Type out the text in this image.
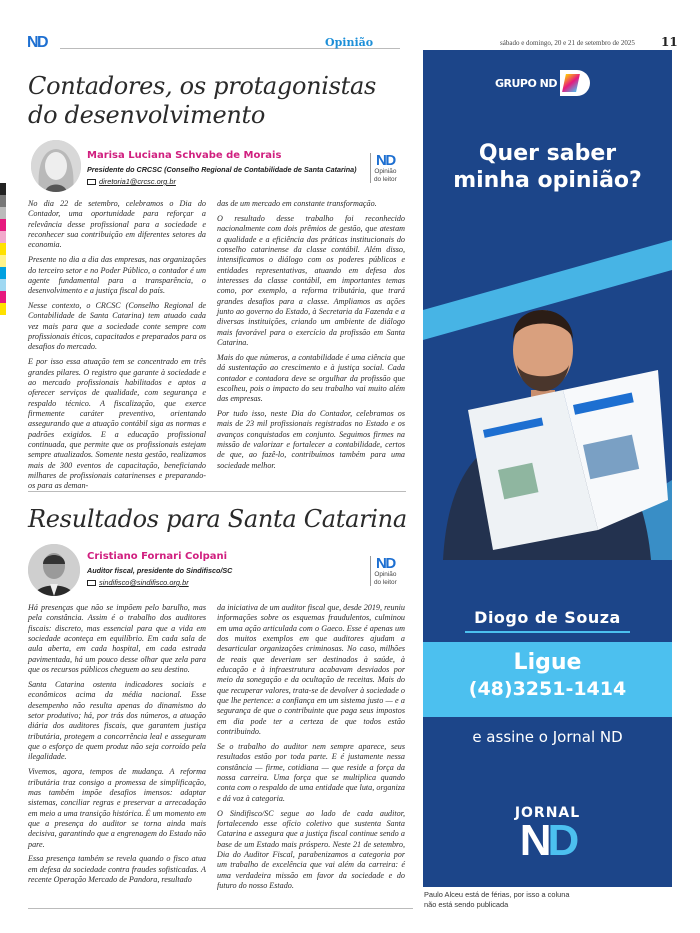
ND	Opinião	sábado e domingo, 20 e 21 de setembro de 2025 11
Contadores, os protagonistas
do desenvolvimento
Marisa Luciana Schvabe de Morais
Presidente do CRCSC (Conselho Regional de Contabilidade de Santa Catarina)
diretoria1@crcsc.org.br
ND
Opinião
do leitor

No dia 22 de setembro, celebramos o Dia do Contador, uma oportunidade para reforçar a relevância desse profissional para a sociedade e reconhecer sua contribuição em diferentes setores da economia.

Presente no dia a dia das empresas, nas organizações do terceiro setor e no Poder Público, o contador é um agente fundamental para a transparência, o desenvolvimento e a justiça fiscal do país.

Nesse contexto, o CRCSC (Conselho Regional de Contabilidade de Santa Catarina) tem atuado cada vez mais para que a sociedade conte sempre com profissionais éticos, capacitados e preparados para os desafios do mercado.

E por isso essa atuação tem se concentrado em três grandes pilares. O registro que garante à sociedade e ao mercado profissionais habilitados e aptos a oferecer serviços de qualidade, com segurança e respaldo técnico. A fiscalização, que exerce firmemente caráter preventivo, orientando assegurando que a atuação contábil siga as normas e padrões exigidos. E a educação profissional continuada, que permite que os profissionais estejam sempre atualizados. Somente nesta gestão, realizamos mais de 300 eventos de capacitação, beneficiando milhares de profissionais catarinenses e preparando-os para as deman-

das de um mercado em constante transformação.

O resultado desse trabalho foi reconhecido nacionalmente com dois prêmios de gestão, que atestam a qualidade e a eficiência das práticas institucionais do conselho catarinense da classe contábil. Além disso, intensificamos o diálogo com os poderes públicos e entidades representativas, atuando em defesa dos interesses da classe contábil, em importantes temas como, por exemplo, a reforma tributária, que trará grandes desafios para a classe. Ampliamos as ações junto ao governo do Estado, à Secretaria da Fazenda e a diversas instituições, criando um ambiente de diálogo mais favorável para o exercício da profissão em Santa Catarina.

Mais do que números, a contabilidade é uma ciência que dá sustentação ao crescimento e à justiça social. Cada contador e contadora deve se orgulhar da profissão que escolheu, pois o impacto do seu trabalho vai muito além das empresas.

Por tudo isso, neste Dia do Contador, celebramos os mais de 23 mil profissionais registrados no Estado e os avanços conquistados em conjunto. Seguimos firmes na missão de valorizar e fortalecer a contabilidade, certos de que, ao fazê-lo, contribuímos também para uma sociedade melhor.

Resultados para Santa Catarina
Cristiano Fornari Colpani
Auditor fiscal, presidente do Sindifisco/SC
sindifisco@sindifisco.org.br
ND
Opinião
do leitor

Há presenças que não se impõem pelo barulho, mas pela constância. Assim é o trabalho dos auditores fiscais: discreto, mas essencial para que a vida em sociedade aconteça em equilíbrio. Em cada sala de aula aberta, em cada hospital, em cada estrada pavimentada, há um pouco desse olhar que zela para que os recursos públicos cheguem ao seu destino.

Santa Catarina ostenta indicadores sociais e econômicos acima da média nacional. Esse desempenho não resulta apenas do dinamismo do setor produtivo; há, por trás dos números, a atuação diária dos auditores fiscais, que garantem justiça tributária, protegem a concorrência leal e asseguram que o esforço de quem produz não seja corroído pela ilegalidade.

Vivemos, agora, tempos de mudança. A reforma tributária traz consigo a promessa de simplificação, mas também impõe desafios imensos: adaptar sistemas, conciliar regras e preservar a arrecadação em meio a uma transição histórica. É um momento em que a presença do auditor se torna ainda mais decisiva, garantindo que a engrenagem do Estado não pare.

Essa presença também se revela quando o fisco atua em defesa da sociedade contra fraudes sofisticadas. A recente Operação Mercado de Pandora, resultado

da iniciativa de um auditor fiscal que, desde 2019, reuniu informações sobre os esquemas fraudulentos, culminou em uma ação articulada com o Gaeco. Esse é apenas um dos muitos exemplos em que auditores ajudam a desarticular organizações criminosas. No caso, milhões de reais que deveriam ser destinados à saúde, à educação e à infraestrutura acabavam desviados por meio da sonegação e da ocultação de receitas. Mais do que recuperar valores, trata-se de devolver à sociedade o que lhe pertence: a confiança em um sistema justo — e a segurança de que o contribuinte que paga seus impostos em dia pode ter a certeza de que todos estão contribuindo.

Se o trabalho do auditor nem sempre aparece, seus resultados estão por toda parte. E é justamente nessa constância — firme, cotidiana — que reside a força da nossa carreira. Uma força que se multiplica quando conta com o respaldo de uma entidade que luta, organiza e dá voz à categoria.

O Sindifisco/SC segue ao lado de cada auditor, fortalecendo esse ofício coletivo que sustenta Santa Catarina e assegura que a justiça fiscal continue sendo a base de um Estado mais próspero. Neste 21 de setembro, Dia do Auditor Fiscal, parabenizamos a categoria por um trabalho de excelência que vai além da carreira: é uma verdadeira missão em favor da sociedade e do futuro do nosso Estado.

GRUPO ND
Quer saber
minha opinião?
Diogo de Souza
Ligue
(48)3251-1414
e assine o Jornal ND
JORNAL
ND
Paulo Alceu está de férias, por isso a coluna
não está sendo publicada
